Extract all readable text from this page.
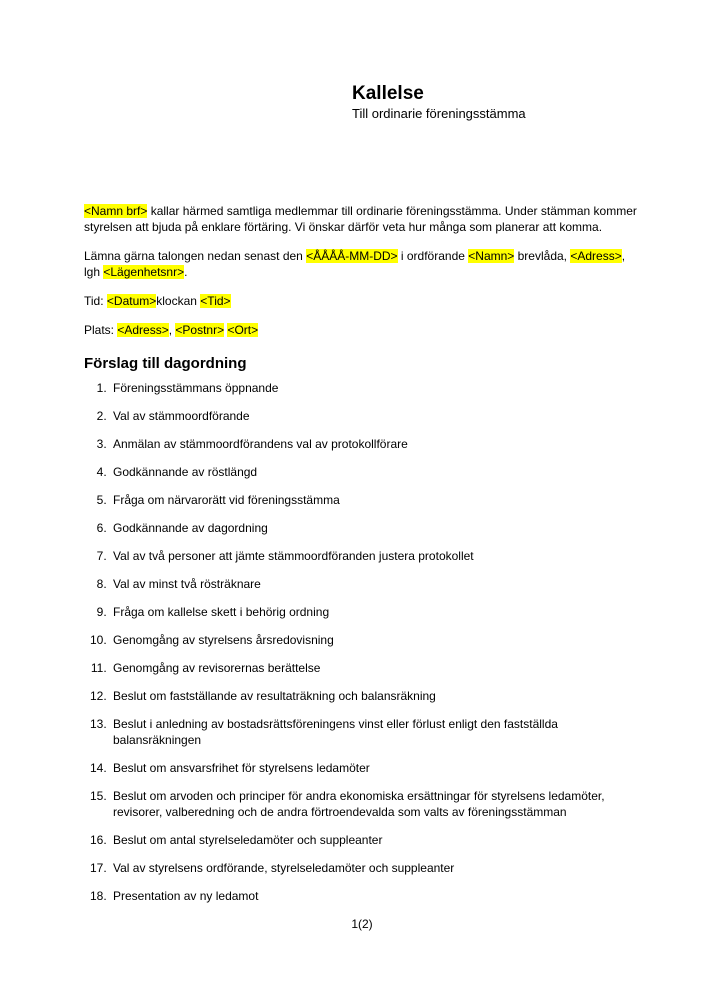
Kallelse
Till ordinarie föreningsstämma

<Namn brf> kallar härmed samtliga medlemmar till ordinarie föreningsstämma. Under stämman kommer styrelsen att bjuda på enklare förtäring. Vi önskar därför veta hur många som planerar att komma.

Lämna gärna talongen nedan senast den <ÅÅÅÅ-MM-DD> i ordförande <Namn> brevlåda, <Adress>, lgh <Lägenhetsnr>.

Tid: <Datum>klockan <Tid>

Plats: <Adress>, <Postnr> <Ort>

Förslag till dagordning
1. Föreningsstämmans öppnande
2. Val av stämmoordförande
3. Anmälan av stämmoordförandens val av protokollförare
4. Godkännande av röstlängd
5. Fråga om närvarorätt vid föreningsstämma
6. Godkännande av dagordning
7. Val av två personer att jämte stämmoordföranden justera protokollet
8. Val av minst två rösträknare
9. Fråga om kallelse skett i behörig ordning
10. Genomgång av styrelsens årsredovisning
11. Genomgång av revisorernas berättelse
12. Beslut om fastställande av resultaträkning och balansräkning
13. Beslut i anledning av bostadsrättsföreningens vinst eller förlust enligt den fastställda balansräkningen
14. Beslut om ansvarsfrihet för styrelsens ledamöter
15. Beslut om arvoden och principer för andra ekonomiska ersättningar för styrelsens ledamöter, revisorer, valberedning och de andra förtroendevalda som valts av föreningsstämman
16. Beslut om antal styrelseledamöter och suppleanter
17. Val av styrelsens ordförande, styrelseledamöter och suppleanter
18. Presentation av ny ledamot
1(2)
